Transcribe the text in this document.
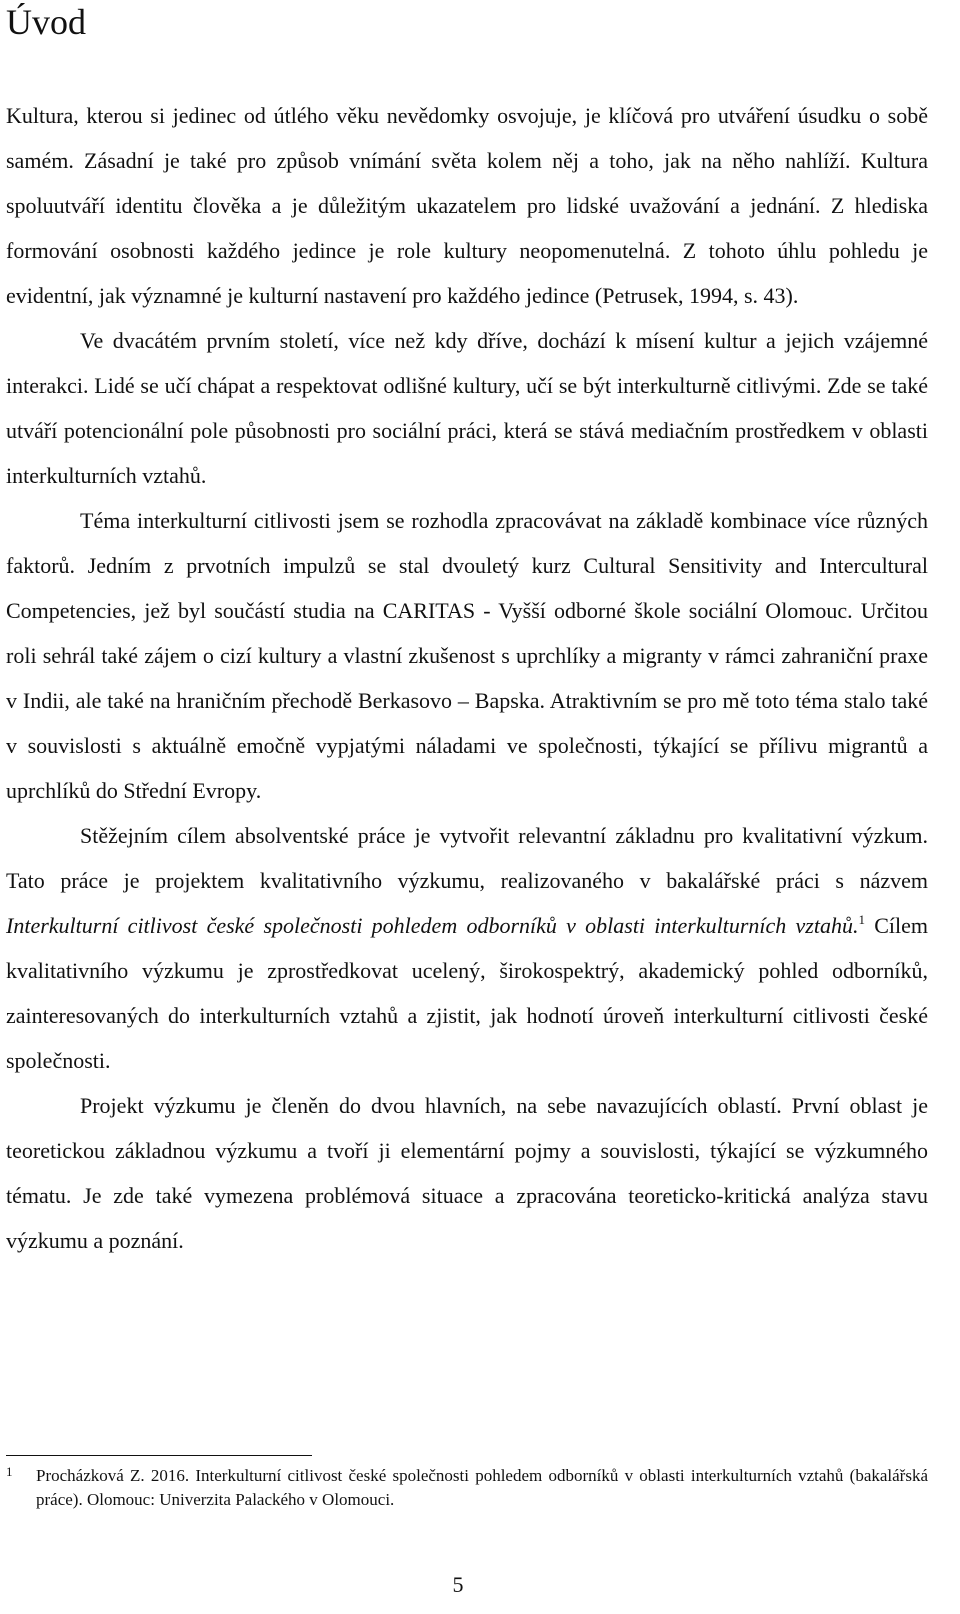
Úvod

Kultura, kterou si jedinec od útlého věku nevědomky osvojuje, je klíčová pro utváření úsudku o sobě samém. Zásadní je také pro způsob vnímání světa kolem něj a toho, jak na něho nahlíží. Kultura spoluutváří identitu člověka a je důležitým ukazatelem pro lidské uvažování a jednání. Z hlediska formování osobnosti každého jedince je role kultury neopomenutelná. Z tohoto úhlu pohledu je evidentní, jak významné je kulturní nastavení pro každého jedince (Petrusek, 1994, s. 43).

Ve dvacátém prvním století, více než kdy dříve, dochází k mísení kultur a jejich vzájemné interakci. Lidé se učí chápat a respektovat odlišné kultury, učí se být interkulturně citlivými. Zde se také utváří potencionální pole působnosti pro sociální práci, která se stává mediačním prostředkem v oblasti interkulturních vztahů.

Téma interkulturní citlivosti jsem se rozhodla zpracovávat na základě kombinace více různých faktorů. Jedním z prvotních impulzů se stal dvouletý kurz Cultural Sensitivity and Intercultural Competencies, jež byl součástí studia na CARITAS - Vyšší odborné škole sociální Olomouc. Určitou roli sehrál také zájem o cizí kultury a vlastní zkušenost s uprchlíky a migranty v rámci zahraniční praxe v Indii, ale také na hraničním přechodě Berkasovo – Bapska. Atraktivním se pro mě toto téma stalo také v souvislosti s aktuálně emočně vypjatými náladami ve společnosti, týkající se přílivu migrantů a uprchlíků do Střední Evropy.

Stěžejním cílem absolventské práce je vytvořit relevantní základnu pro kvalitativní výzkum. Tato práce je projektem kvalitativního výzkumu, realizovaného v bakalářské práci s názvem Interkulturní citlivost české společnosti pohledem odborníků v oblasti interkulturních vztahů.$^1$ Cílem kvalitativního výzkumu je zprostředkovat ucelený, širokospektrý, akademický pohled odborníků, zainteresovaných do interkulturních vztahů a zjistit, jak hodnotí úroveň interkulturní citlivosti české společnosti.

Projekt výzkumu je členěn do dvou hlavních, na sebe navazujících oblastí. První oblast je teoretickou základnou výzkumu a tvoří ji elementární pojmy a souvislosti, týkající se výzkumného tématu. Je zde také vymezena problémová situace a zpracována teoreticko-kritická analýza stavu výzkumu a poznání.

1 Procházková Z. 2016. Interkulturní citlivost české společnosti pohledem odborníků v oblasti interkulturních vztahů (bakalářská práce). Olomouc: Univerzita Palackého v Olomouci.
5
